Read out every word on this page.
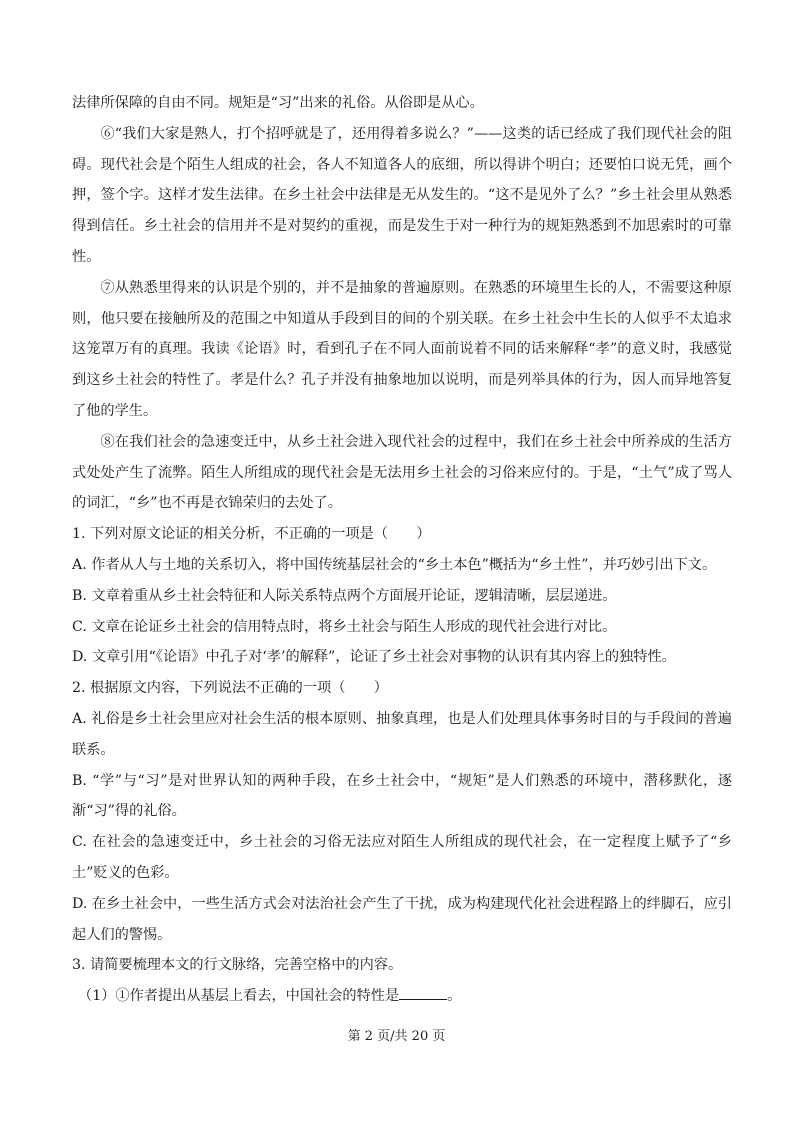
法律所保障的自由不同。规矩是“习”出来的礼俗。从俗即是从心。

⑥“我们大家是熟人，打个招呼就是了，还用得着多说么？”——这类的话已经成了我们现代社会的阻碍。现代社会是个陌生人组成的社会，各人不知道各人的底细，所以得讲个明白；还要怕口说无凭，画个押，签个字。这样才发生法律。在乡土社会中法律是无从发生的。“这不是见外了么？”乡土社会里从熟悉得到信任。乡土社会的信用并不是对契约的重视，而是发生于对一种行为的规矩熟悉到不加思索时的可靠性。

⑦从熟悉里得来的认识是个别的，并不是抽象的普遍原则。在熟悉的环境里生长的人，不需要这种原则，他只要在接触所及的范围之中知道从手段到目的间的个别关联。在乡土社会中生长的人似乎不太追求这笼罩万有的真理。我读《论语》时，看到孔子在不同人面前说着不同的话来解释“孝”的意义时，我感觉到这乡土社会的特性了。孝是什么？孔子并没有抽象地加以说明，而是列举具体的行为，因人而异地答复了他的学生。

⑧在我们社会的急速变迁中，从乡土社会进入现代社会的过程中，我们在乡土社会中所养成的生活方式处处产生了流弊。陌生人所组成的现代社会是无法用乡土社会的习俗来应付的。于是，“土气”成了骂人的词汇，“乡”也不再是衣锦荣归的去处了。

1. 下列对原文论证的相关分析，不正确的一项是（　　）

A. 作者从人与土地的关系切入，将中国传统基层社会的“乡土本色”概括为“乡土性”，并巧妙引出下文。

B. 文章着重从乡土社会特征和人际关系特点两个方面展开论证，逻辑清晰，层层递进。

C. 文章在论证乡土社会的信用特点时，将乡土社会与陌生人形成的现代社会进行对比。

D. 文章引用“《论语》中孔子对‘孝’的解释”，论证了乡土社会对事物的认识有其内容上的独特性。

2. 根据原文内容，下列说法不正确的一项（　　）

A. 礼俗是乡土社会里应对社会生活的根本原则、抽象真理，也是人们处理具体事务时目的与手段间的普遍联系。

B. “学”与“习”是对世界认知的两种手段，在乡土社会中，“规矩”是人们熟悉的环境中，潜移默化，逐渐“习”得的礼俗。

C. 在社会的急速变迁中，乡土社会的习俗无法应对陌生人所组成的现代社会，在一定程度上赋予了“乡土”贬义的色彩。

D. 在乡土社会中，一些生活方式会对法治社会产生了干扰，成为构建现代化社会进程路上的绊脚石，应引起人们的警惕。

3. 请简要梳理本文的行文脉络，完善空格中的内容。

（1）①作者提出从基层上看去，中国社会的特性是	。

第 2 页/共 20 页
